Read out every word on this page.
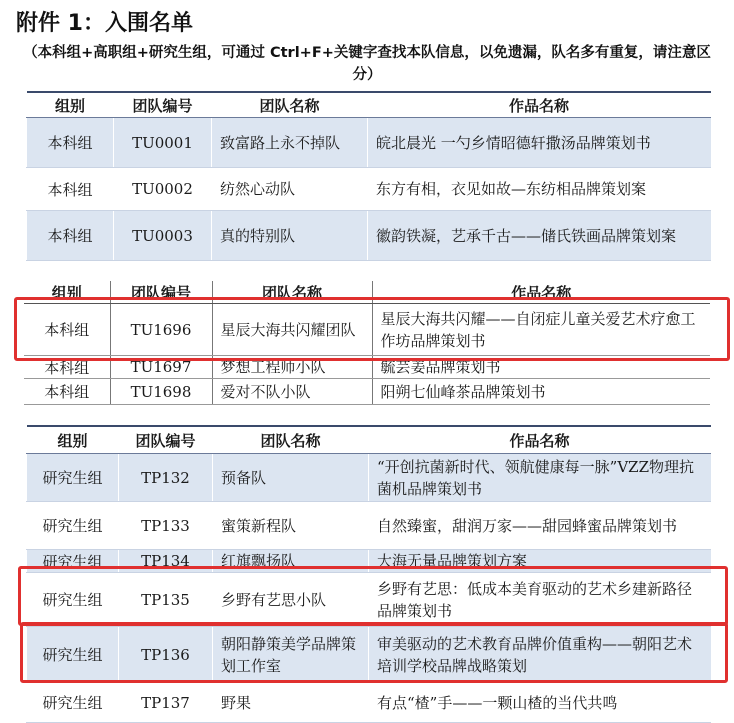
附件 1：入围名单
（本科组+高职组+研究生组，可通过 Ctrl+F+关键字查找本队信息，以免遗漏，队名多有重复，请注意区分）
组别	团队编号	团队名称	作品名称
本科组	TU0001	致富路上永不掉队	皖北晨光 一勺乡情昭德轩撒汤品牌策划书
本科组	TU0002	纺然心动队	东方有相，衣见如故—东纺相品牌策划案
本科组	TU0003	真的特别队	徽韵铁凝，艺承千古——储氏铁画品牌策划案
组别	团队编号	团队名称	作品名称
本科组	TU1696	星辰大海共闪耀团队	星辰大海共闪耀——自闭症儿童关爱艺术疗愈工作坊品牌策划书
本科组	TU1697	梦想工程师小队	毓芸姜品牌策划书
本科组	TU1698	爱对不队小队	阳朔七仙峰茶品牌策划书
组别	团队编号	团队名称	作品名称
研究生组	TP132	预备队	“开创抗菌新时代、领航健康每一脉”VZZ物理抗菌机品牌策划书
研究生组	TP133	蜜策新程队	自然臻蜜，甜润万家——甜园蜂蜜品牌策划书
研究生组	TP134	红旗飘扬队	大海无量品牌策划方案
研究生组	TP135	乡野有艺思小队	乡野有艺思：低成本美育驱动的艺术乡建新路径品牌策划书
研究生组	TP136	朝阳静策美学品牌策划工作室	审美驱动的艺术教育品牌价值重构——朝阳艺术培训学校品牌战略策划
研究生组	TP137	野果	有点“楂”手——一颗山楂的当代共鸣
